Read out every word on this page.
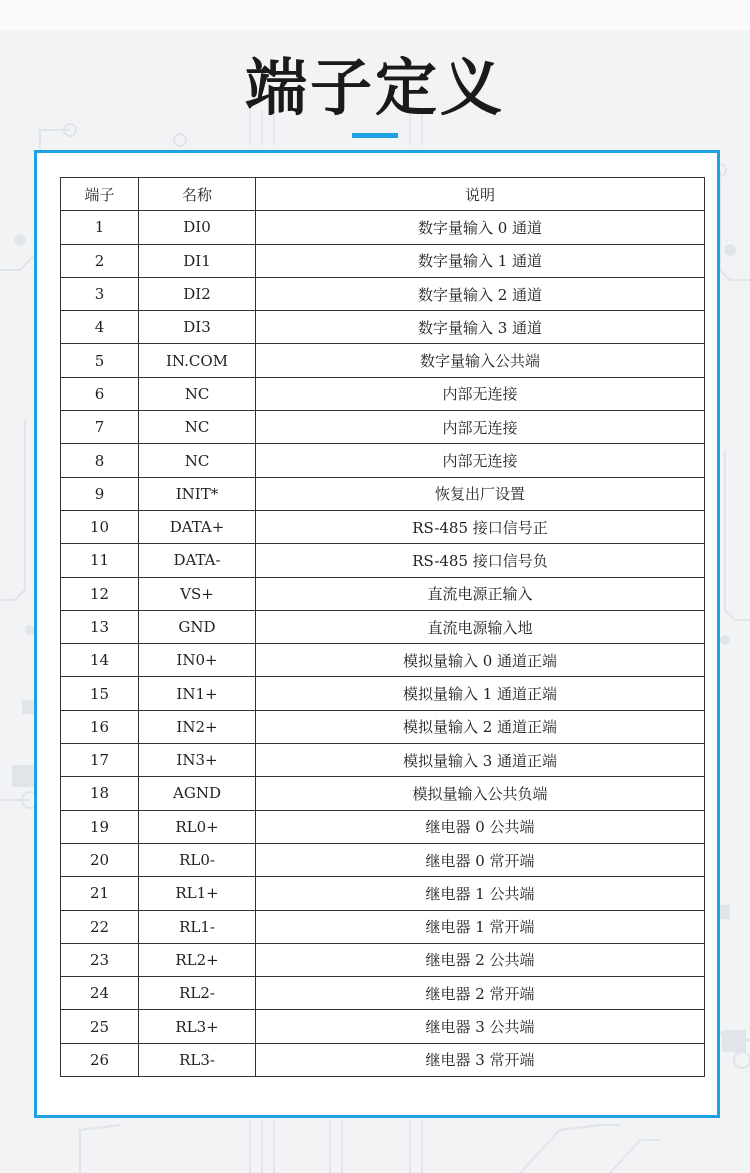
端子定义
端子	名称	说明
1	DI0	数字量输入 0 通道
2	DI1	数字量输入 1 通道
3	DI2	数字量输入 2 通道
4	DI3	数字量输入 3 通道
5	IN.COM	数字量输入公共端
6	NC	内部无连接
7	NC	内部无连接
8	NC	内部无连接
9	INIT*	恢复出厂设置
10	DATA+	RS-485 接口信号正
11	DATA-	RS-485 接口信号负
12	VS+	直流电源正输入
13	GND	直流电源输入地
14	IN0+	模拟量输入 0 通道正端
15	IN1+	模拟量输入 1 通道正端
16	IN2+	模拟量输入 2 通道正端
17	IN3+	模拟量输入 3 通道正端
18	AGND	模拟量输入公共负端
19	RL0+	继电器 0 公共端
20	RL0-	继电器 0 常开端
21	RL1+	继电器 1 公共端
22	RL1-	继电器 1 常开端
23	RL2+	继电器 2 公共端
24	RL2-	继电器 2 常开端
25	RL3+	继电器 3 公共端
26	RL3-	继电器 3 常开端
